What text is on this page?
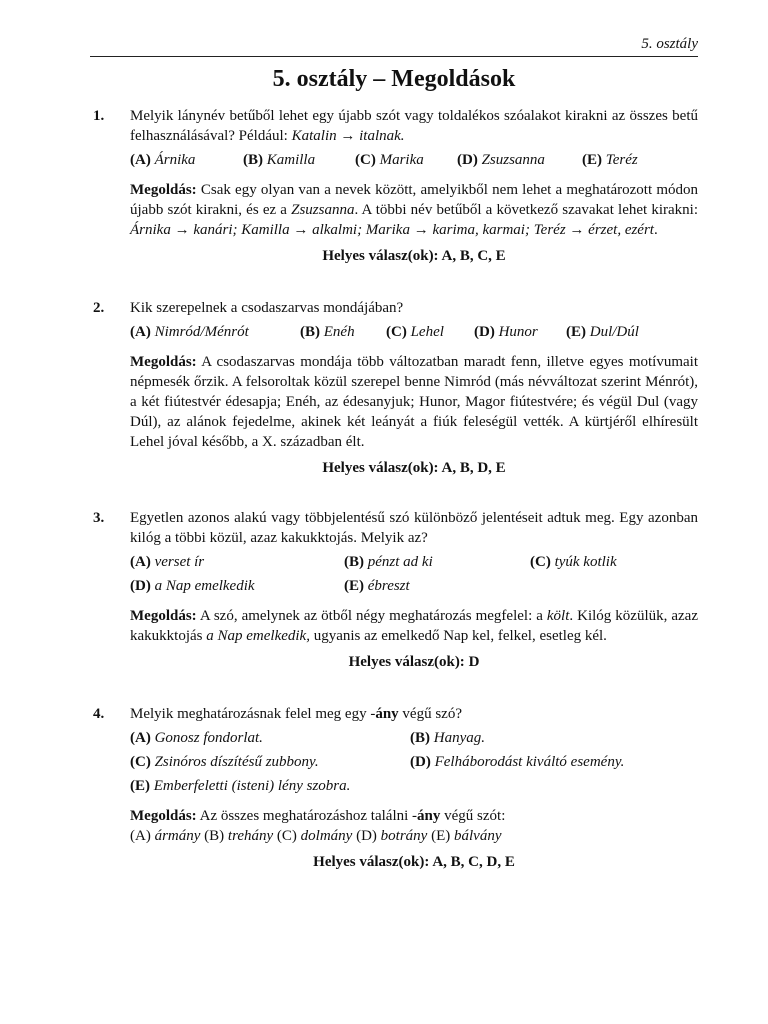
5. osztály
5. osztály – Megoldások
1. Melyik lánynév betűből lehet egy újabb szót vagy toldalékos szóalakot kirakni az összes betű felhasználásával? Például: Katalin → italnak.
(A) Árnika	(B) Kamilla	(C) Marika	(D) Zsuzsanna	(E) Teréz
Megoldás: Csak egy olyan van a nevek között, amelyikből nem lehet a meghatározott módon újabb szót kirakni, és ez a Zsuzsanna. A többi név betűből a következő szavakat lehet kirakni: Árnika → kanári; Kamilla → alkalmi; Marika → karima, karmai; Teréz → érzet, ezért.
Helyes válasz(ok): A, B, C, E
2. Kik szerepelnek a csodaszarvas mondájában?
(A) Nimród/Ménrót	(B) Enéh	(C) Lehel	(D) Hunor	(E) Dul/Dúl
Megoldás: A csodaszarvas mondája több változatban maradt fenn, illetve egyes motívumait népmesék őrzik. A felsoroltak közül szerepel benne Nimród (más névváltozat szerint Ménrót), a két fiútestvér édesapja; Enéh, az édesanyjuk; Hunor, Magor fiútestvére; és végül Dul (vagy Dúl), az alánok fejedelme, akinek két leányát a fiúk feleségül vették. A kürtjéről elhíresült Lehel jóval később, a X. században élt.
Helyes válasz(ok): A, B, D, E
3. Egyetlen azonos alakú vagy többjelentésű szó különböző jelentéseit adtuk meg. Egy azonban kilóg a többi közül, azaz kakukktojás. Melyik az?
(A) verset ír	(B) pénzt ad ki	(C) tyúk kotlik
(D) a Nap emelkedik	(E) ébreszt
Megoldás: A szó, amelynek az ötből négy meghatározás megfelel: a költ. Kilóg közülük, azaz kakukktojás a Nap emelkedik, ugyanis az emelkedő Nap kel, felkel, esetleg kél.
Helyes válasz(ok): D
4. Melyik meghatározásnak felel meg egy -ány végű szó?
(A) Gonosz fondorlat.	(B) Hanyag.
(C) Zsinóros díszítésű zubbony.	(D) Felháborodást kiváltó esemény.
(E) Emberfeletti (isteni) lény szobra.
Megoldás: Az összes meghatározáshoz találni -ány végű szót:
(A) ármány (B) trehány (C) dolmány (D) botrány (E) bálvány
Helyes válasz(ok): A, B, C, D, E
